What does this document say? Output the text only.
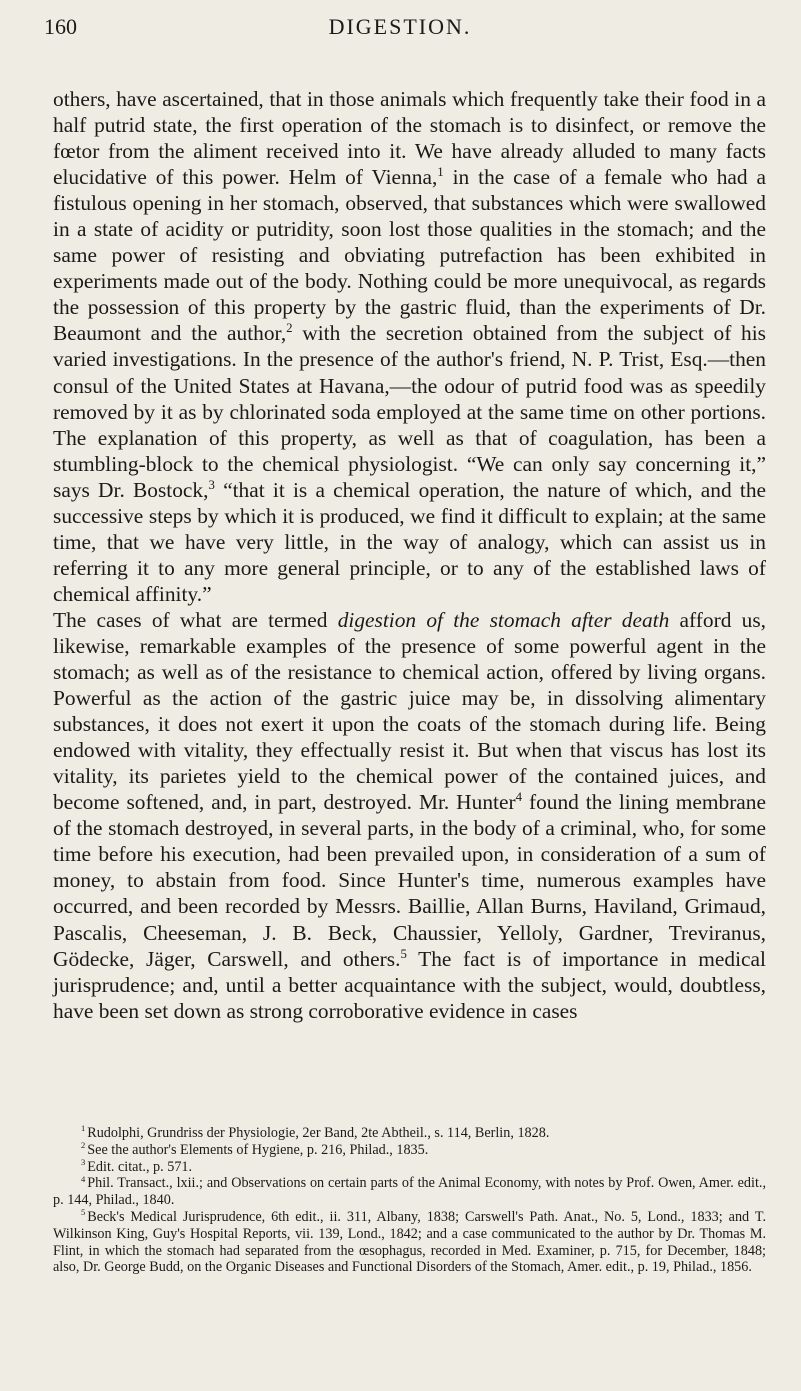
160	DIGESTION.

others, have ascertained, that in those animals which frequently take their food in a half putrid state, the first operation of the stomach is to disinfect, or remove the fœtor from the aliment received into it. We have already alluded to many facts elucidative of this power. Helm of Vienna,$^1$ in the case of a female who had a fistulous opening in her stomach, observed, that substances which were swallowed in a state of acidity or putridity, soon lost those qualities in the stomach; and the same power of resisting and obviating putrefaction has been exhibited in experiments made out of the body. Nothing could be more unequivocal, as regards the possession of this property by the gastric fluid, than the experiments of Dr. Beaumont and the author,$^2$ with the secretion obtained from the subject of his varied investigations. In the presence of the author's friend, N. P. Trist, Esq.—then consul of the United States at Havana,—the odour of putrid food was as speedily removed by it as by chlorinated soda employed at the same time on other portions. The explanation of this property, as well as that of coagulation, has been a stumbling-block to the chemical physiologist. “We can only say concerning it,” says Dr. Bostock,$^3$ “that it is a chemical operation, the nature of which, and the successive steps by which it is produced, we find it difficult to explain; at the same time, that we have very little, in the way of analogy, which can assist us in referring it to any more general principle, or to any of the established laws of chemical affinity.”

The cases of what are termed digestion of the stomach after death afford us, likewise, remarkable examples of the presence of some powerful agent in the stomach; as well as of the resistance to chemical action, offered by living organs. Powerful as the action of the gastric juice may be, in dissolving alimentary substances, it does not exert it upon the coats of the stomach during life. Being endowed with vitality, they effectually resist it. But when that viscus has lost its vitality, its parietes yield to the chemical power of the contained juices, and become softened, and, in part, destroyed. Mr. Hunter$^4$ found the lining membrane of the stomach destroyed, in several parts, in the body of a criminal, who, for some time before his execution, had been prevailed upon, in consideration of a sum of money, to abstain from food. Since Hunter's time, numerous examples have occurred, and been recorded by Messrs. Baillie, Allan Burns, Haviland, Grimaud, Pascalis, Cheeseman, J. B. Beck, Chaussier, Yelloly, Gardner, Treviranus, Gödecke, Jäger, Carswell, and others.$^5$ The fact is of importance in medical jurisprudence; and, until a better acquaintance with the subject, would, doubtless, have been set down as strong corroborative evidence in cases

$^1$ Rudolphi, Grundriss der Physiologie, 2er Band, 2te Abtheil., s. 114, Berlin, 1828.

$^2$ See the author's Elements of Hygiene, p. 216, Philad., 1835.

$^3$ Edit. citat., p. 571.

$^4$ Phil. Transact., lxii.; and Observations on certain parts of the Animal Economy, with notes by Prof. Owen, Amer. edit., p. 144, Philad., 1840.

$^5$ Beck's Medical Jurisprudence, 6th edit., ii. 311, Albany, 1838; Carswell's Path. Anat., No. 5, Lond., 1833; and T. Wilkinson King, Guy's Hospital Reports, vii. 139, Lond., 1842; and a case communicated to the author by Dr. Thomas M. Flint, in which the stomach had separated from the œsophagus, recorded in Med. Examiner, p. 715, for December, 1848; also, Dr. George Budd, on the Organic Diseases and Functional Disorders of the Stomach, Amer. edit., p. 19, Philad., 1856.
